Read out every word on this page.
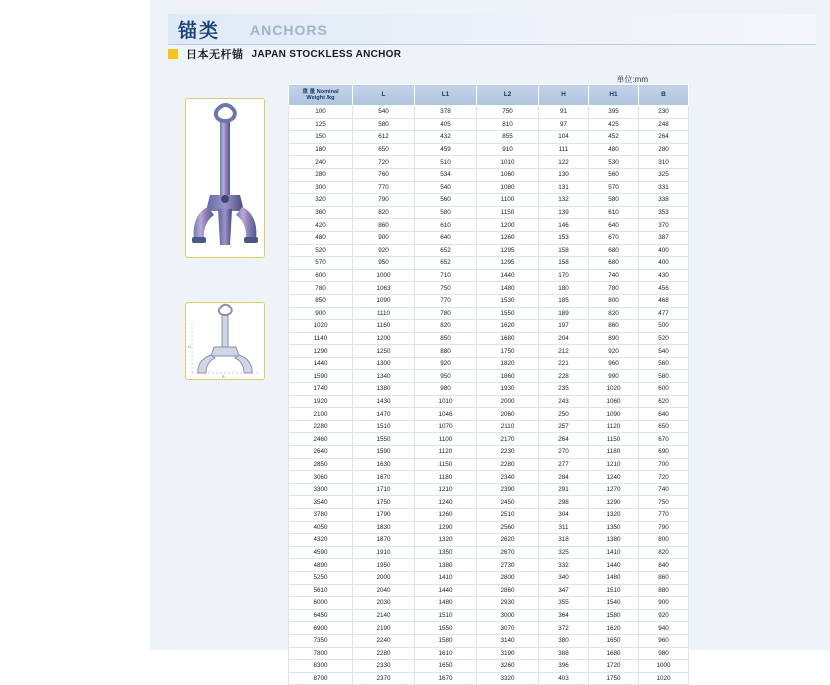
锚类 ANCHORS
日本无杆锚 JAPAN STOCKLESS ANCHOR
单位:mm
H
B
重 量 Nominal
Weight /kg	L	L1	L2	H	H1	B
100	540	378	750	91	395	230
125	580	405	810	97	425	248
150	612	432	855	104	452	264
180	650	459	910	111	480	280
240	720	510	1010	122	530	310
280	760	534	1060	130	560	325
300	770	540	1080	131	570	331
320	790	560	1100	132	580	338
360	820	580	1150	139	610	353
420	860	610	1200	146	640	370
480	900	640	1260	153	670	387
520	920	652	1295	158	680	400
570	950	652	1295	158	680	400
600	1000	710	1440	170	740	430
780	1063	750	1480	180	780	456
850	1090	770	1530	185	800	468
900	1110	780	1550	189	820	477
1020	1160	820	1620	197	860	500
1140	1200	850	1680	204	890	520
1290	1250	880	1750	212	920	540
1440	1300	920	1820	221	960	560
1590	1340	950	1860	228	990	580
1740	1380	980	1930	235	1020	600
1920	1430	1010	2000	243	1060	620
2100	1470	1046	2060	250	1090	640
2280	1510	1070	2110	257	1120	650
2460	1550	1100	2170	264	1150	670
2640	1590	1120	2230	270	1180	690
2850	1630	1150	2280	277	1210	700
3060	1670	1180	2340	284	1240	720
3300	1710	1210	2390	291	1270	740
3540	1750	1240	2450	298	1290	750
3780	1790	1260	2510	304	1320	770
4050	1830	1290	2560	311	1350	790
4320	1870	1320	2620	318	1380	800
4590	1910	1350	2670	325	1410	820
4890	1950	1380	2730	332	1440	840
5250	2000	1410	2800	340	1480	860
5610	2040	1440	2860	347	1510	880
6000	2030	1480	2930	355	1540	900
6450	2140	1510	3000	364	1580	920
6900	2190	1550	3070	372	1620	940
7350	2240	1580	3140	380	1650	960
7800	2280	1610	3190	388	1680	980
8300	2330	1650	3260	396	1720	1000
8700	2370	1670	3320	403	1750	1020
